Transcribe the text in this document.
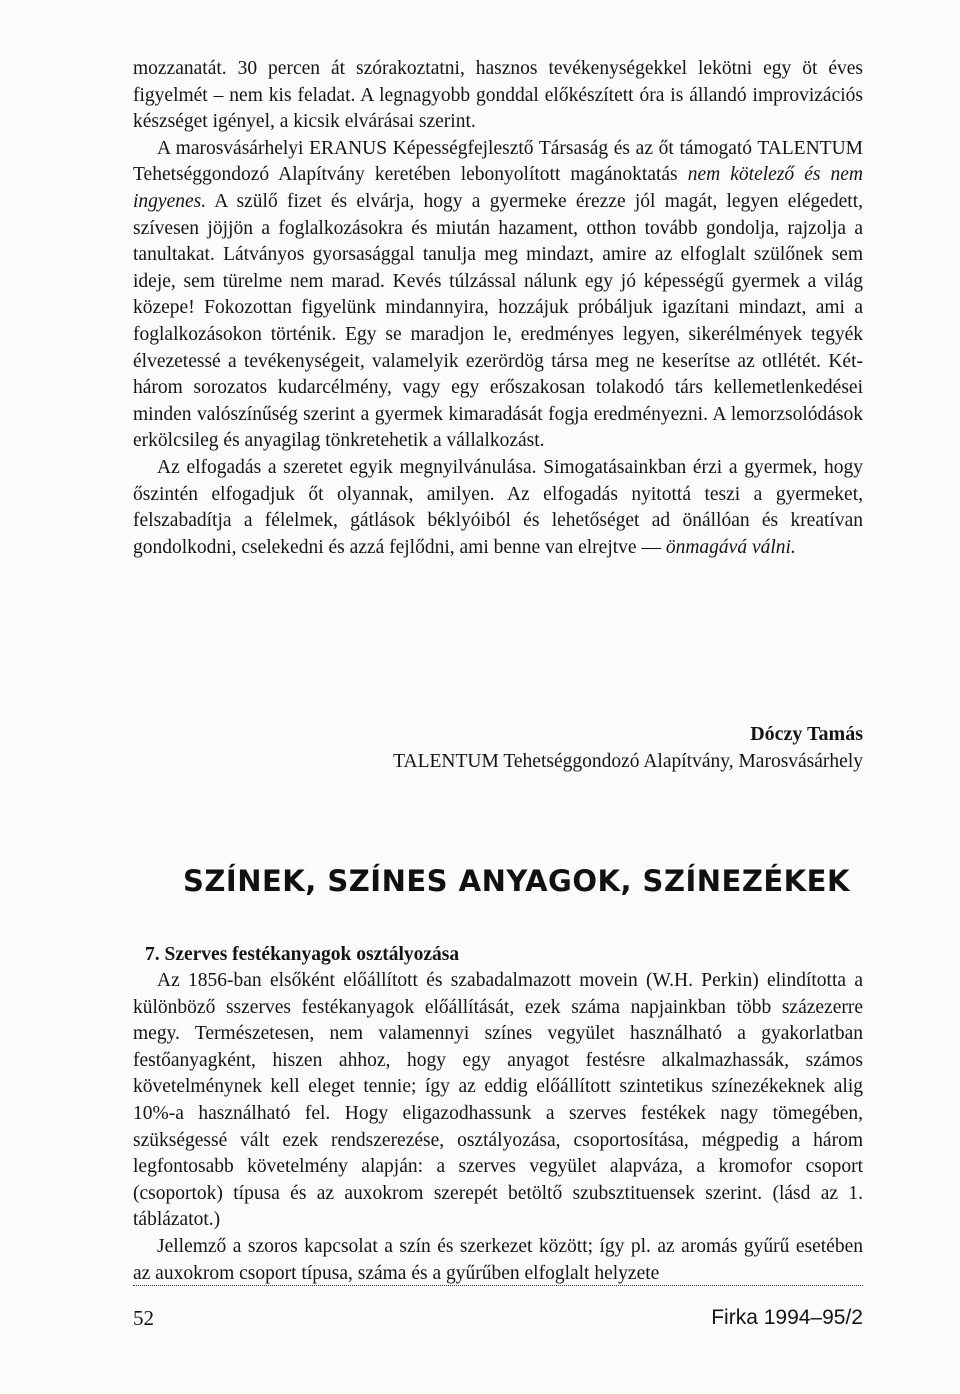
mozzanatát. 30 percen át szórakoztatni, hasznos tevékenységekkel lekötni egy öt éves figyelmét – nem kis feladat. A legnagyobb gonddal előkészített óra is állandó improvizációs készséget igényel, a kicsik elvárásai szerint.

A marosvásárhelyi ERANUS Képességfejlesztő Társaság és az őt támogató TALENTUM Tehetséggondozó Alapítvány keretében lebonyolított magánoktatás nem kötelező és nem ingyenes. A szülő fizet és elvárja, hogy a gyermeke érezze jól magát, legyen elégedett, szívesen jöjjön a foglalkozásokra és miután hazament, otthon tovább gondolja, rajzolja a tanultakat. Látványos gyorsasággal tanulja meg mindazt, amire az elfoglalt szülőnek sem ideje, sem türelme nem marad. Kevés túlzással nálunk egy jó képességű gyermek a világ közepe! Fokozottan figyelünk mindannyira, hozzájuk próbáljuk igazítani mindazt, ami a foglalkozásokon történik. Egy se maradjon le, eredményes legyen, sikerélmények tegyék élvezetessé a tevékenységeit, valamelyik ezerördög társa meg ne keserítse az otllétét. Két-három sorozatos kudarcélmény, vagy egy erőszakosan tolakodó társ kellemetlenkedései minden valószínűség szerint a gyermek kimaradását fogja eredményezni. A lemorzsolódások erkölcsileg és anyagilag tönkretehetik a vállalkozást.

Az elfogadás a szeretet egyik megnyilvánulása. Simogatásainkban érzi a gyermek, hogy őszintén elfogadjuk őt olyannak, amilyen. Az elfogadás nyitottá teszi a gyermeket, felszabadítja a félelmek, gátlások béklyóiból és lehetőséget ad önállóan és kreatívan gondolkodni, cselekedni és azzá fejlődni, ami benne van elrejtve — önmagává válni.

Dóczy Tamás
TALENTUM Tehetséggondozó Alapítvány, Marosvásárhely
SZÍNEK, SZÍNES ANYAGOK, SZÍNEZÉKEK
7. Szerves festékanyagok osztályozása

Az 1856-ban elsőként előállított és szabadalmazott movein (W.H. Perkin) elindította a különböző sszerves festékanyagok előállítását, ezek száma napjainkban több százezerre megy. Természetesen, nem valamennyi színes vegyület használható a gyakorlatban festőanyagként, hiszen ahhoz, hogy egy anyagot festésre alkalmazhassák, számos követelménynek kell eleget tennie; így az eddig előállított szintetikus színezékeknek alig 10%-a használható fel. Hogy eligazodhassunk a szerves festékek nagy tömegében, szükségessé vált ezek rendszerezése, osztályozása, csoportosítása, mégpedig a három legfontosabb követelmény alapján: a szerves vegyület alapváza, a kromofor csoport (csoportok) típusa és az auxokrom szerepét betöltő szubsztituensek szerint. (lásd az 1. táblázatot.)

Jellemző a szoros kapcsolat a szín és szerkezet között; így pl. az aromás gyűrű esetében az auxokrom csoport típusa, száma és a gyűrűben elfoglalt helyzete

52	Firka 1994–95/2
